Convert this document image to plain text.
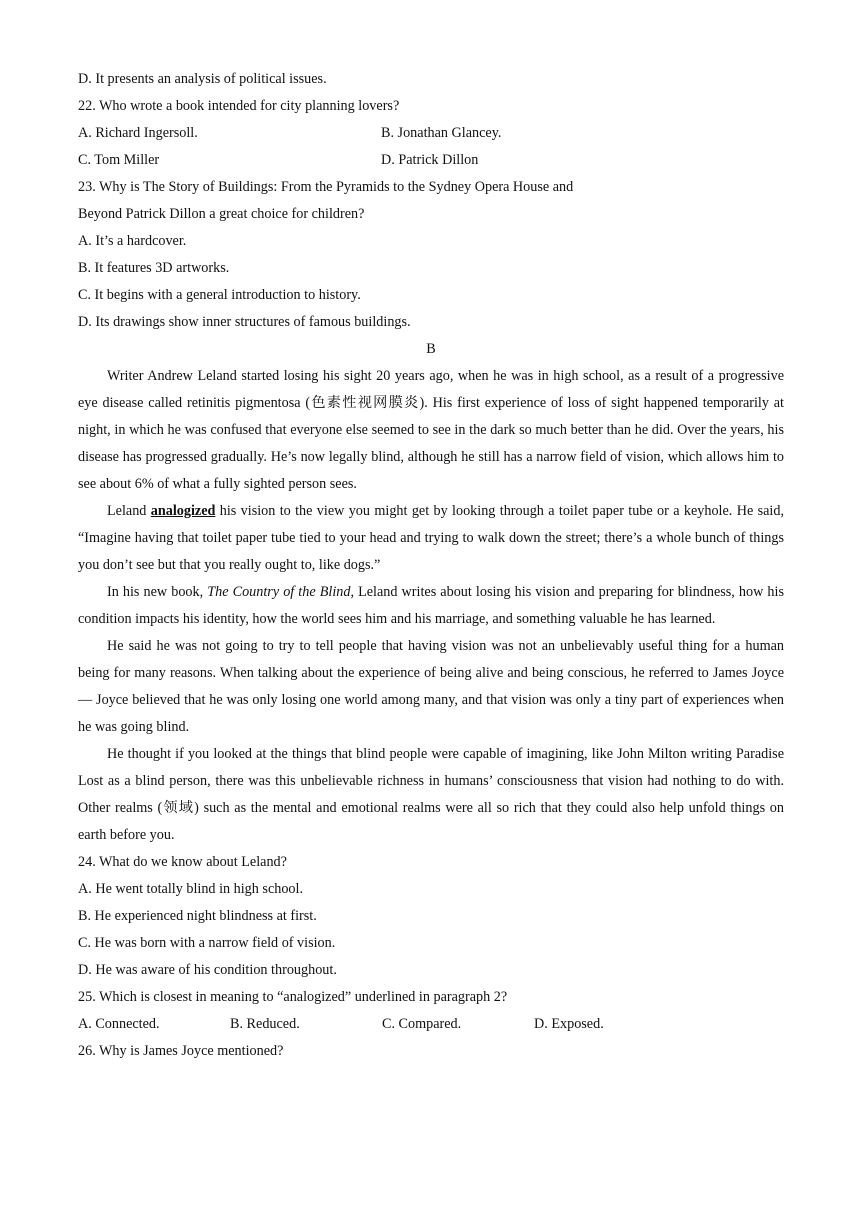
D. It presents an analysis of political issues.
22. Who wrote a book intended for city planning lovers?
A. Richard Ingersoll.	B. Jonathan Glancey.
C. Tom Miller	D. Patrick Dillon
23. Why is The Story of Buildings: From the Pyramids to the Sydney Opera House and
Beyond Patrick Dillon a great choice for children?
A. It’s a hardcover.
B. It features 3D artworks.
C. It begins with a general introduction to history.
D. Its drawings show inner structures of famous buildings.
B
Writer Andrew Leland started losing his sight 20 years ago, when he was in high school, as a result of a progressive eye disease called retinitis pigmentosa (色素性视网膜炎). His first experience of loss of sight happened temporarily at night, in which he was confused that everyone else seemed to see in the dark so much better than he did. Over the years, his disease has progressed gradually. He’s now legally blind, although he still has a narrow field of vision, which allows him to see about 6% of what a fully sighted person sees.
Leland analogized his vision to the view you might get by looking through a toilet paper tube or a keyhole. He said, “Imagine having that toilet paper tube tied to your head and trying to walk down the street; there’s a whole bunch of things you don’t see but that you really ought to, like dogs.”
In his new book, The Country of the Blind, Leland writes about losing his vision and preparing for blindness, how his condition impacts his identity, how the world sees him and his marriage, and something valuable he has learned.
He said he was not going to try to tell people that having vision was not an unbelievably useful thing for a human being for many reasons. When talking about the experience of being alive and being conscious, he referred to James Joyce — Joyce believed that he was only losing one world among many, and that vision was only a tiny part of experiences when he was going blind.
He thought if you looked at the things that blind people were capable of imagining, like John Milton writing Paradise Lost as a blind person, there was this unbelievable richness in humans’ consciousness that vision had nothing to do with. Other realms (领域) such as the mental and emotional realms were all so rich that they could also help unfold things on earth before you.
24. What do we know about Leland?
A. He went totally blind in high school.
B. He experienced night blindness at first.
C. He was born with a narrow field of vision.
D. He was aware of his condition throughout.
25. Which is closest in meaning to “analogized” underlined in paragraph 2?
A. Connected.	B. Reduced.	C. Compared.	D. Exposed.
26. Why is James Joyce mentioned?
